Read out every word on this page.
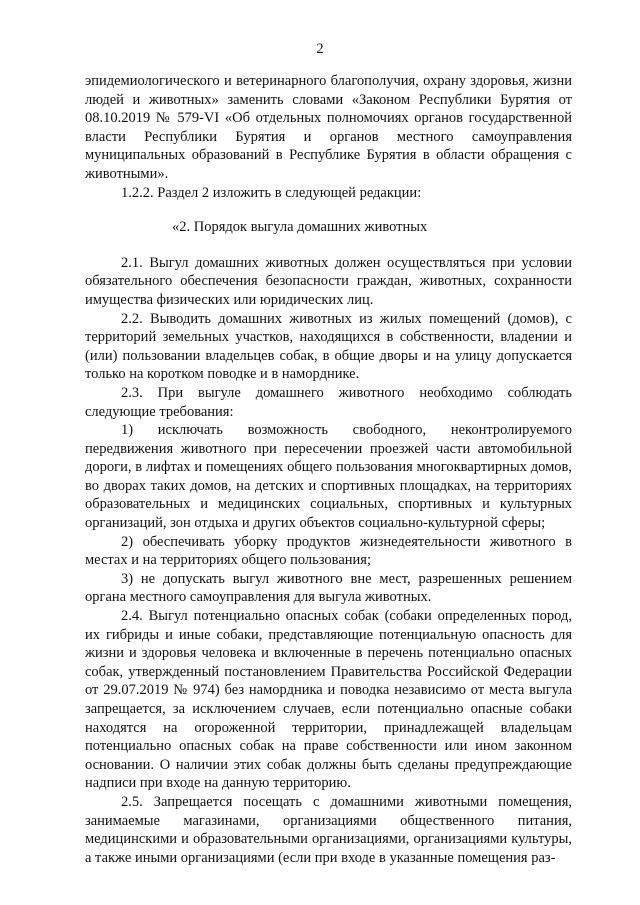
2

эпидемиологического и ветеринарного благополучия, охрану здоровья, жизни людей и животных» заменить словами «Законом Республики Бурятия от 08.10.2019 № 579-VI «Об отдельных полномочиях органов государственной власти Республики Бурятия и органов местного самоуправления муниципальных образований в Республике Бурятия в области обращения с животными».

1.2.2. Раздел 2 изложить в следующей редакции:

«2. Порядок выгула домашних животных

2.1. Выгул домашних животных должен осуществляться при условии обязательного обеспечения безопасности граждан, животных, сохранности имущества физических или юридических лиц.

2.2. Выводить домашних животных из жилых помещений (домов), с территорий земельных участков, находящихся в собственности, владении и (или) пользовании владельцев собак, в общие дворы и на улицу допускается только на коротком поводке и в наморднике.

2.3. При выгуле домашнего животного необходимо соблюдать следующие требования:

1) исключать возможность свободного, неконтролируемого передвижения животного при пересечении проезжей части автомобильной дороги, в лифтах и помещениях общего пользования многоквартирных домов, во дворах таких домов, на детских и спортивных площадках, на территориях образовательных и медицинских социальных, спортивных и культурных организаций, зон отдыха и других объектов социально-культурной сферы;

2) обеспечивать уборку продуктов жизнедеятельности животного в местах и на территориях общего пользования;

3) не допускать выгул животного вне мест, разрешенных решением органа местного самоуправления для выгула животных.

2.4. Выгул потенциально опасных собак (собаки определенных пород, их гибриды и иные собаки, представляющие потенциальную опасность для жизни и здоровья человека и включенные в перечень потенциально опасных собак, утвержденный постановлением Правительства Российской Федерации от 29.07.2019 № 974) без намордника и поводка независимо от места выгула запрещается, за исключением случаев, если потенциально опасные собаки находятся на огороженной территории, принадлежащей владельцам потенциально опасных собак на праве собственности или ином законном основании. О наличии этих собак должны быть сделаны предупреждающие надписи при входе на данную территорию.

2.5. Запрещается посещать с домашними животными помещения, занимаемые магазинами, организациями общественного питания, медицинскими и образовательными организациями, организациями культуры, а также иными организациями (если при входе в указанные помещения раз-
